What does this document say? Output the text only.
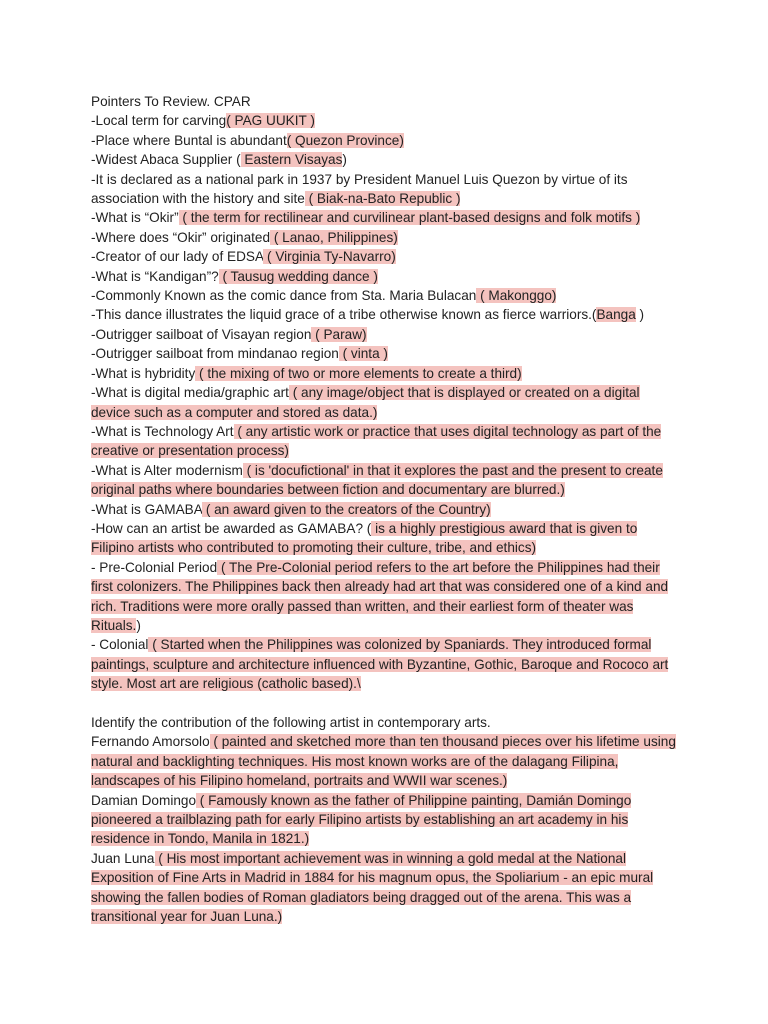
Pointers To Review. CPAR

-Local term for carving( PAG UUKIT )

-Place where Buntal is abundant( Quezon Province)

-Widest Abaca Supplier ( Eastern Visayas)

-It is declared as a national park in 1937 by President Manuel Luis Quezon by virtue of its association with the history and site ( Biak-na-Bato Republic )

-What is “Okir” ( the term for rectilinear and curvilinear plant-based designs and folk motifs )

-Where does “Okir” originated ( Lanao, Philippines)

-Creator of our lady of EDSA ( Virginia Ty-Navarro)

-What is “Kandigan”? ( Tausug wedding dance )

-Commonly Known as the comic dance from Sta. Maria Bulacan ( Makonggo)

-This dance illustrates the liquid grace of a tribe otherwise known as fierce warriors.(Banga )

-Outrigger sailboat of Visayan region ( Paraw)

-Outrigger sailboat from mindanao region ( vinta )

-What is hybridity ( the mixing of two or more elements to create a third)

-What is digital media/graphic art ( any image/object that is displayed or created on a digital device such as a computer and stored as data.)

-What is Technology Art ( any artistic work or practice that uses digital technology as part of the creative or presentation process)

-What is Alter modernism ( is 'docufictional' in that it explores the past and the present to create original paths where boundaries between fiction and documentary are blurred.)

-What is GAMABA ( an award given to the creators of the Country)

-How can an artist be awarded as GAMABA? ( is a highly prestigious award that is given to Filipino artists who contributed to promoting their culture, tribe, and ethics)

- Pre-Colonial Period ( The Pre-Colonial period refers to the art before the Philippines had their first colonizers. The Philippines back then already had art that was considered one of a kind and rich. Traditions were more orally passed than written, and their earliest form of theater was Rituals.)

- Colonial ( Started when the Philippines was colonized by Spaniards. They introduced formal paintings, sculpture and architecture influenced with Byzantine, Gothic, Baroque and Rococo art style. Most art are religious (catholic based).\

Identify the contribution of the following artist in contemporary arts.

Fernando Amorsolo ( painted and sketched more than ten thousand pieces over his lifetime using natural and backlighting techniques. His most known works are of the dalagang Filipina, landscapes of his Filipino homeland, portraits and WWII war scenes.)

Damian Domingo ( Famously known as the father of Philippine painting, Damián Domingo pioneered a trailblazing path for early Filipino artists by establishing an art academy in his residence in Tondo, Manila in 1821.)

Juan Luna ( His most important achievement was in winning a gold medal at the National Exposition of Fine Arts in Madrid in 1884 for his magnum opus, the Spoliarium - an epic mural showing the fallen bodies of Roman gladiators being dragged out of the arena. This was a transitional year for Juan Luna.)
